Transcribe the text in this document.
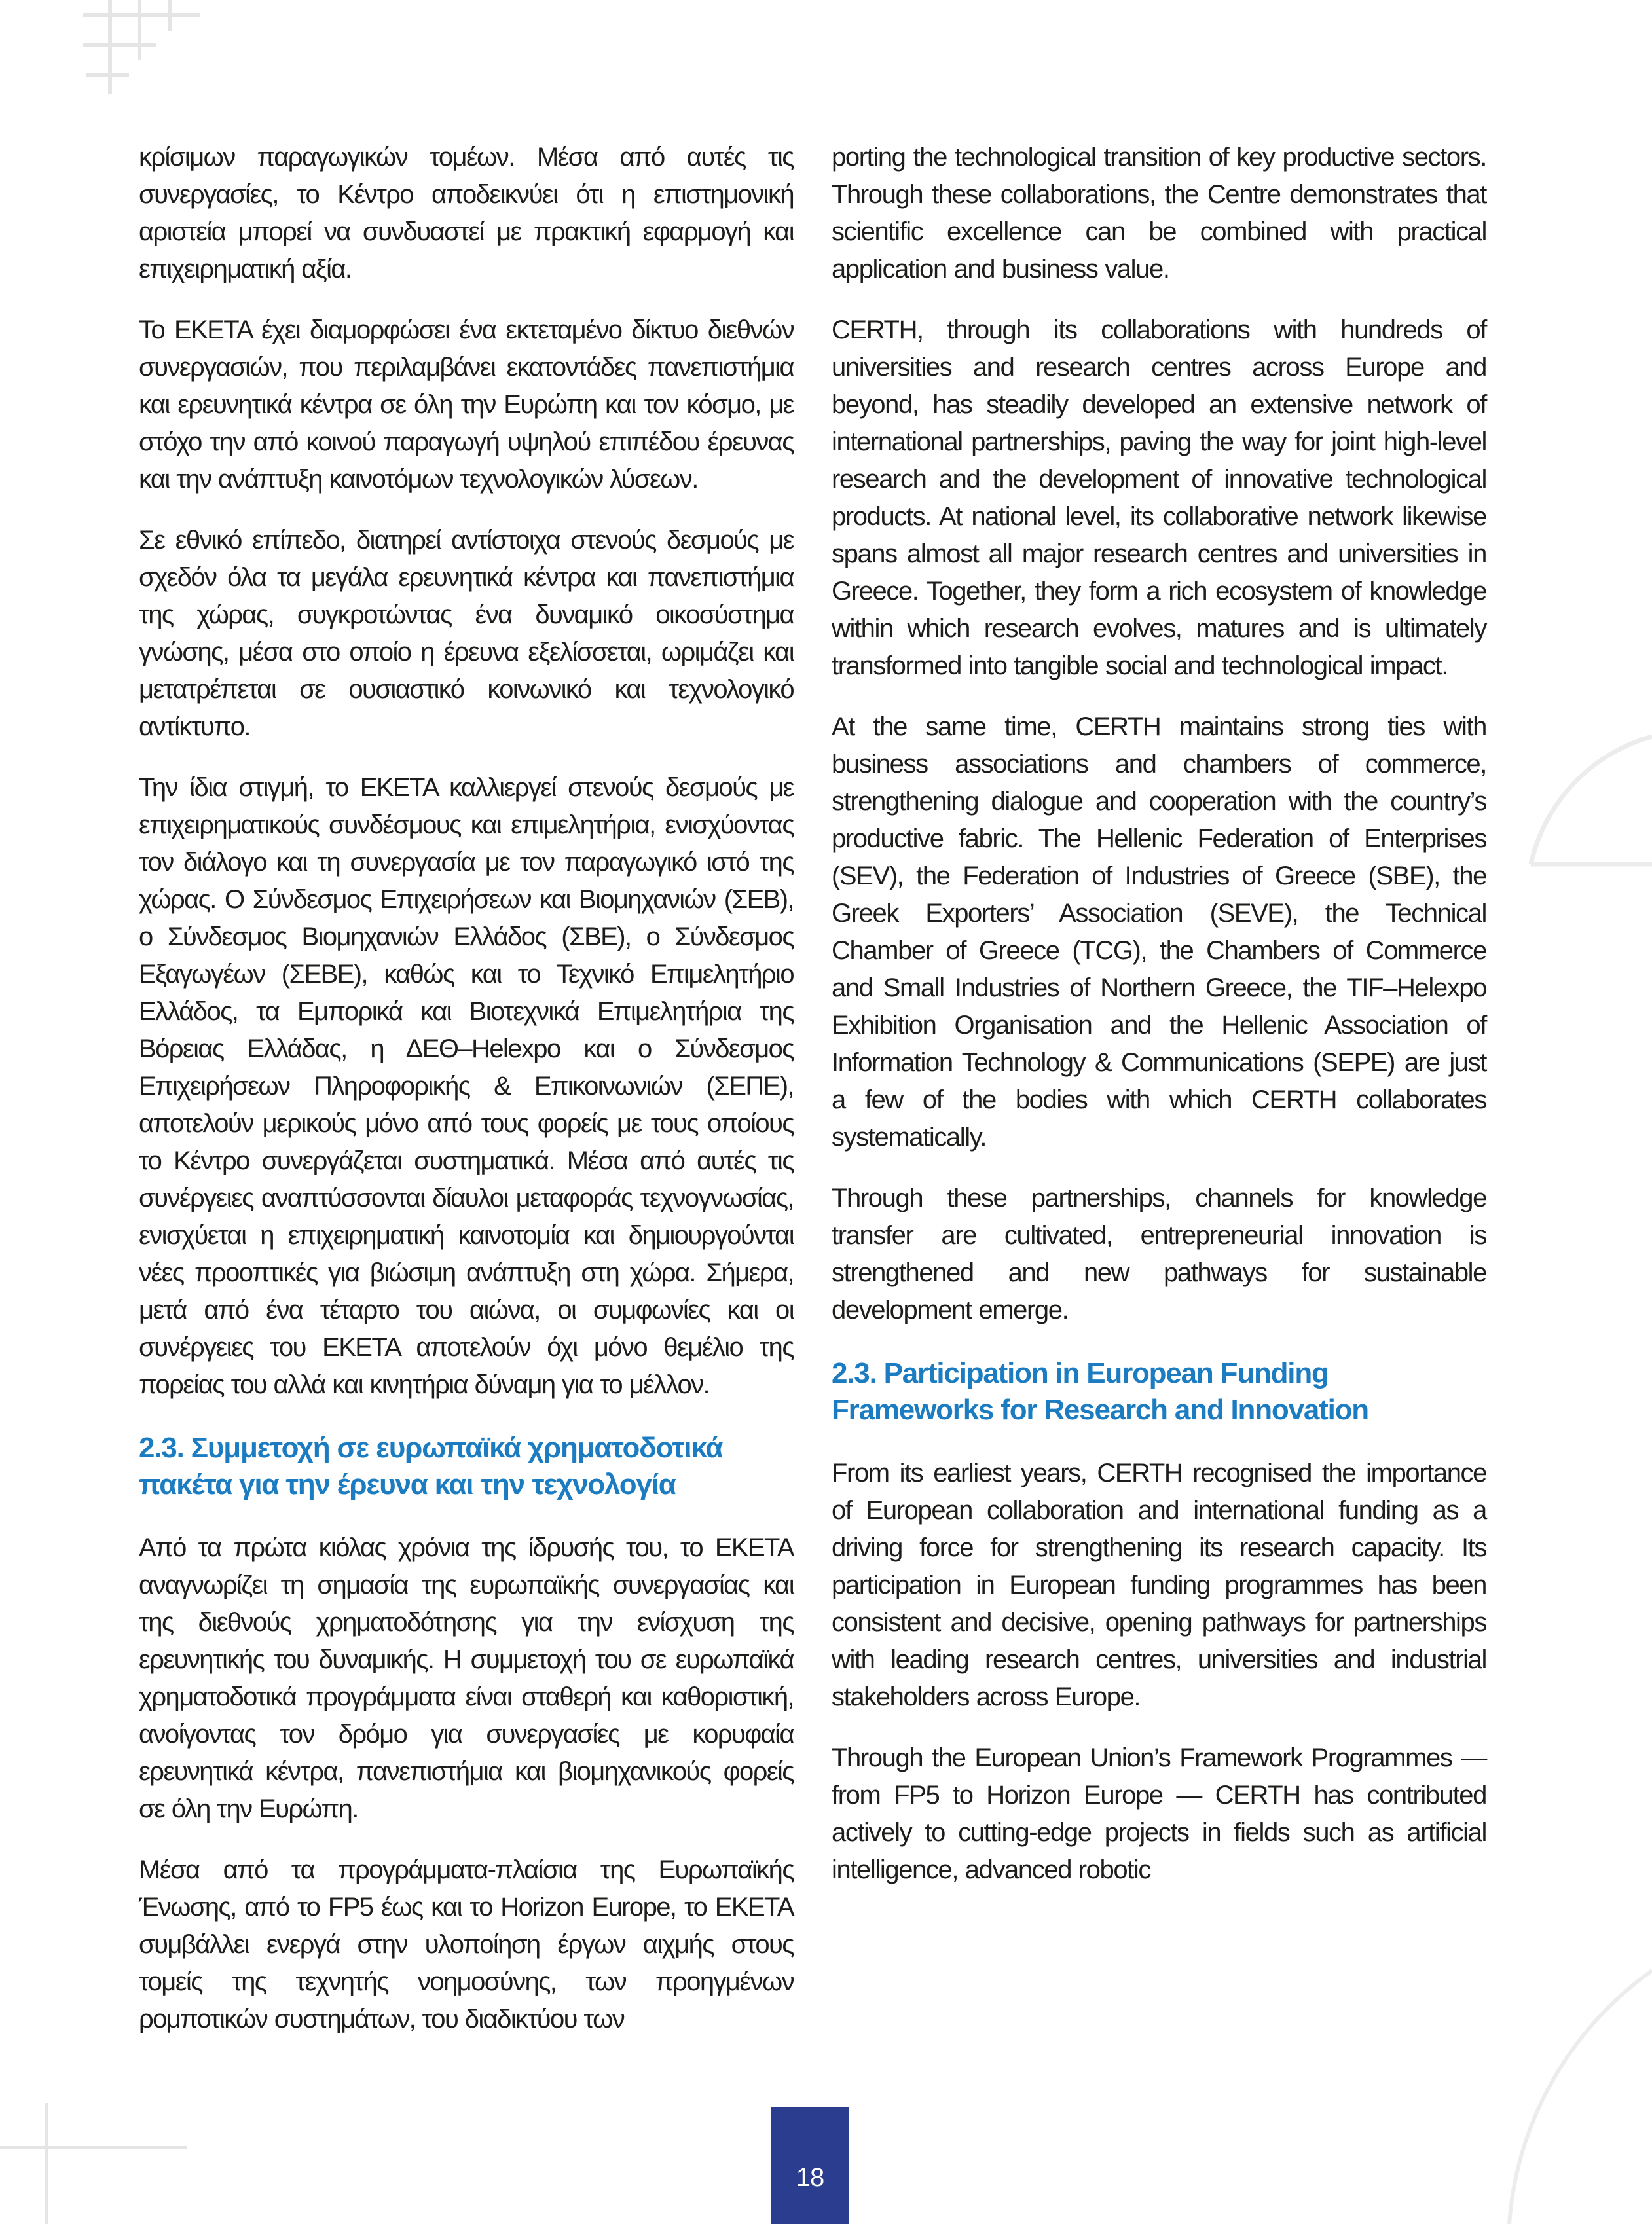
κρίσιμων παραγωγικών τομέων. Μέσα από αυτές τις συνεργασίες, το Κέντρο αποδεικνύει ότι η επιστημονική αριστεία μπορεί να συνδυαστεί με πρακτική εφαρμογή και επιχειρηματική αξία.

Το ΕΚΕΤΑ έχει διαμορφώσει ένα εκτεταμένο δίκτυο διεθνών συνεργασιών, που περιλαμβάνει εκατοντάδες πανεπιστήμια και ερευνητικά κέντρα σε όλη την Ευρώπη και τον κόσμο, με στόχο την από κοινού παραγωγή υψηλού επιπέδου έρευνας και την ανάπτυξη καινοτόμων τεχνολογικών λύσεων.

Σε εθνικό επίπεδο, διατηρεί αντίστοιχα στενούς δεσμούς με σχεδόν όλα τα μεγάλα ερευνητικά κέντρα και πανεπιστήμια της χώρας, συγκροτώντας ένα δυναμικό οικοσύστημα γνώσης, μέσα στο οποίο η έρευνα εξελίσσεται, ωριμάζει και μετατρέπεται σε ουσιαστικό κοινωνικό και τεχνολογικό αντίκτυπο.

Την ίδια στιγμή, το ΕΚΕΤΑ καλλιεργεί στενούς δεσμούς με επιχειρηματικούς συνδέσμους και επιμελητήρια, ενισχύοντας τον διάλογο και τη συνεργασία με τον παραγωγικό ιστό της χώρας. Ο Σύνδεσμος Επιχειρήσεων και Βιομηχανιών (ΣΕΒ), ο Σύνδεσμος Βιομηχανιών Ελλάδος (ΣΒΕ), ο Σύνδεσμος Εξαγωγέων (ΣΕΒΕ), καθώς και το Τεχνικό Επιμελητήριο Ελλάδος, τα Εμπορικά και Βιοτεχνικά Επιμελητήρια της Βόρειας Ελλάδας, η ΔΕΘ–Helexpo και ο Σύνδεσμος Επιχειρήσεων Πληροφορικής & Επικοινωνιών (ΣΕΠΕ), αποτελούν μερικούς μόνο από τους φορείς με τους οποίους το Κέντρο συνεργάζεται συστηματικά. Μέσα από αυτές τις συνέργειες αναπτύσσονται δίαυλοι μεταφοράς τεχνογνωσίας, ενισχύεται η επιχειρηματική καινοτομία και δημιουργούνται νέες προοπτικές για βιώσιμη ανάπτυξη στη χώρα. Σήμερα, μετά από ένα τέταρτο του αιώνα, οι συμφωνίες και οι συνέργειες του ΕΚΕΤΑ αποτελούν όχι μόνο θεμέλιο της πορείας του αλλά και κινητήρια δύναμη για το μέλλον.

2.3. Συμμετοχή σε ευρωπαϊκά χρηματοδοτικά πακέτα για την έρευνα και την τεχνολογία

Από τα πρώτα κιόλας χρόνια της ίδρυσής του, το ΕΚΕΤΑ αναγνωρίζει τη σημασία της ευρωπαϊκής συνεργασίας και της διεθνούς χρηματοδότησης για την ενίσχυση της ερευνητικής του δυναμικής. Η συμμετοχή του σε ευρωπαϊκά χρηματοδοτικά προγράμματα είναι σταθερή και καθοριστική, ανοίγοντας τον δρόμο για συνεργασίες με κορυφαία ερευνητικά κέντρα, πανεπιστήμια και βιομηχανικούς φορείς σε όλη την Ευρώπη.

Μέσα από τα προγράμματα-πλαίσια της Ευρωπαϊκής Ένωσης, από το FP5 έως και το Horizon Europe, το ΕΚΕΤΑ συμβάλλει ενεργά στην υλοποίηση έργων αιχμής στους τομείς της τεχνητής νοημοσύνης, των προηγμένων ρομποτικών συστημάτων, του διαδικτύου των

porting the technological transition of key productive sectors. Through these collaborations, the Centre demonstrates that scientific excellence can be combined with practical application and business value.

CERTH, through its collaborations with hundreds of universities and research centres across Europe and beyond, has steadily developed an extensive network of international partnerships, paving the way for joint high-level research and the development of innovative technological products. At national level, its collaborative network likewise spans almost all major research centres and universities in Greece. Together, they form a rich ecosystem of knowledge within which research evolves, matures and is ultimately transformed into tangible social and technological impact.

At the same time, CERTH maintains strong ties with business associations and chambers of commerce, strengthening dialogue and cooperation with the country’s productive fabric. The Hellenic Federation of Enterprises (SEV), the Federation of Industries of Greece (SBE), the Greek Exporters’ Association (SEVE), the Technical Chamber of Greece (TCG), the Chambers of Commerce and Small Industries of Northern Greece, the TIF–Helexpo Exhibition Organisation and the Hellenic Association of Information Technology & Communications (SEPE) are just a few of the bodies with which CERTH collaborates systematically.

Through these partnerships, channels for knowledge transfer are cultivated, entrepreneurial innovation is strengthened and new pathways for sustainable development emerge.

2.3. Participation in European Funding Frameworks for Research and Innovation

From its earliest years, CERTH recognised the importance of European collaboration and international funding as a driving force for strengthening its research capacity. Its participation in European funding programmes has been consistent and decisive, opening pathways for partnerships with leading research centres, universities and industrial stakeholders across Europe.

Through the European Union’s Framework Programmes — from FP5 to Horizon Europe — CERTH has contributed actively to cutting-edge projects in fields such as artificial intelligence, advanced robotic

18
